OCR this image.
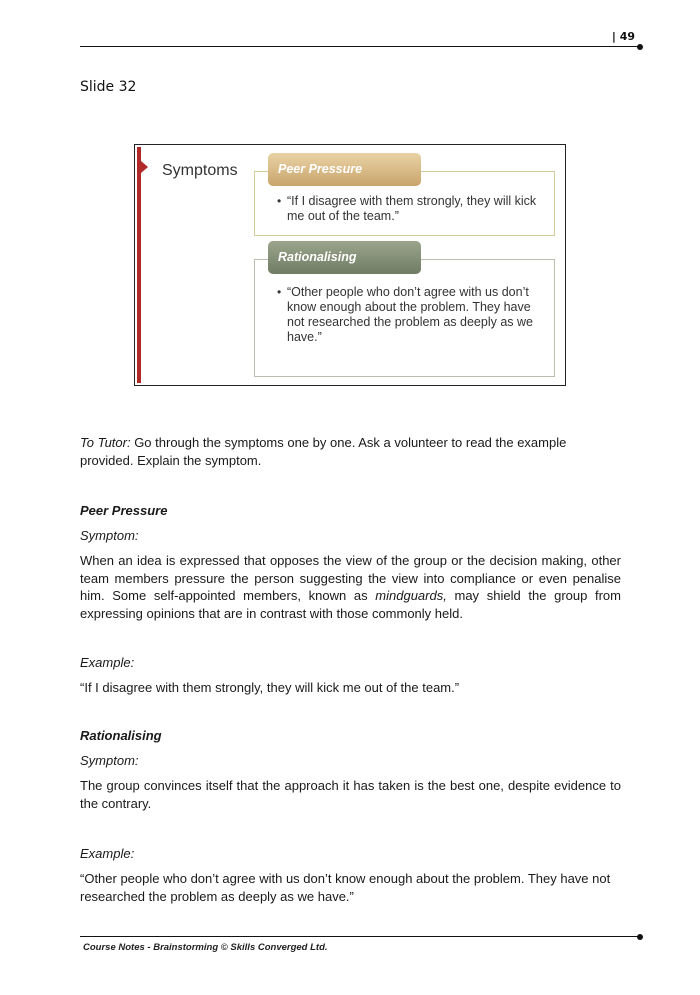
| 49
Slide 32
Symptoms
• “If I disagree with them strongly, they will kick me out of the team.”
Peer Pressure
• “Other people who don’t agree with us don’t know enough about the problem. They have not researched the problem as deeply as we have.”
Rationalising
To Tutor: Go through the symptoms one by one. Ask a volunteer to read the example provided. Explain the symptom.
Peer Pressure
Symptom:
When an idea is expressed that opposes the view of the group or the decision making, other team members pressure the person suggesting the view into compliance or even penalise him. Some self-appointed members, known as mindguards, may shield the group from expressing opinions that are in contrast with those commonly held.
Example:
“If I disagree with them strongly, they will kick me out of the team.”
Rationalising
Symptom:
The group convinces itself that the approach it has taken is the best one, despite evidence to the contrary.
Example:
“Other people who don’t agree with us don’t know enough about the problem. They have not researched the problem as deeply as we have.”
Course Notes - Brainstorming © Skills Converged Ltd.
